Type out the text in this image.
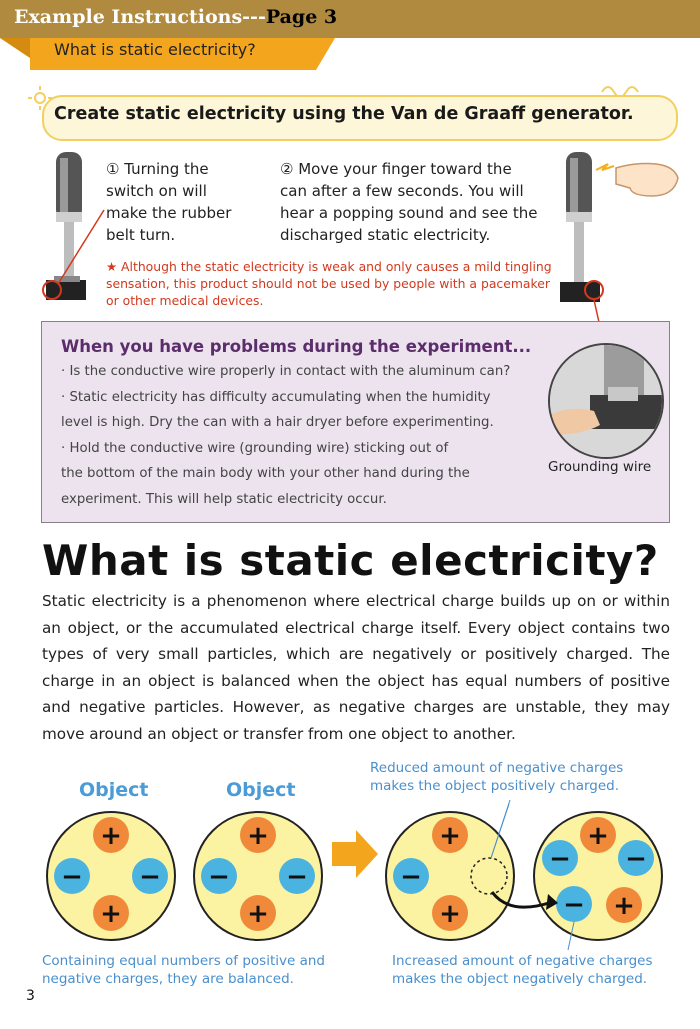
Example Instructions---Page 3
What is static electricity?
Create static electricity using the Van de Graaff generator.
① Turning the
switch on will
make the rubber
belt turn.
② Move your finger toward the
can after a few seconds. You will
hear a popping sound and see the
discharged static electricity.
★ Although the static electricity is weak and only causes a mild tingling sensation, this product should not be used by people with a pacemaker or other medical devices.
When you have problems during the experiment...
· Is the conductive wire properly in contact with the aluminum can?
· Static electricity has difficulty accumulating when the humidity
level is high. Dry the can with a hair dryer before experimenting.
· Hold the conductive wire (grounding wire) sticking out of
the bottom of the main body with your other hand during the
experiment. This will help static electricity occur.
Grounding wire
What is static electricity?
Static electricity is a phenomenon where electrical charge builds up on or within an object, or the accumulated electrical charge itself. Every object contains two types of very small particles, which are negatively or positively charged. The charge in an object is balanced when the object has equal numbers of positive and negative particles. However, as negative charges are unstable, they may move around an object or transfer from one object to another.
Object	Object
Reduced amount of negative charges
makes the object positively charged.
+
+
− −
+
+
− −
+
+
−
+
+
− −
−
Containing equal numbers of positive and
negative charges, they are balanced.
Increased amount of negative charges
makes the object negatively charged.
3
